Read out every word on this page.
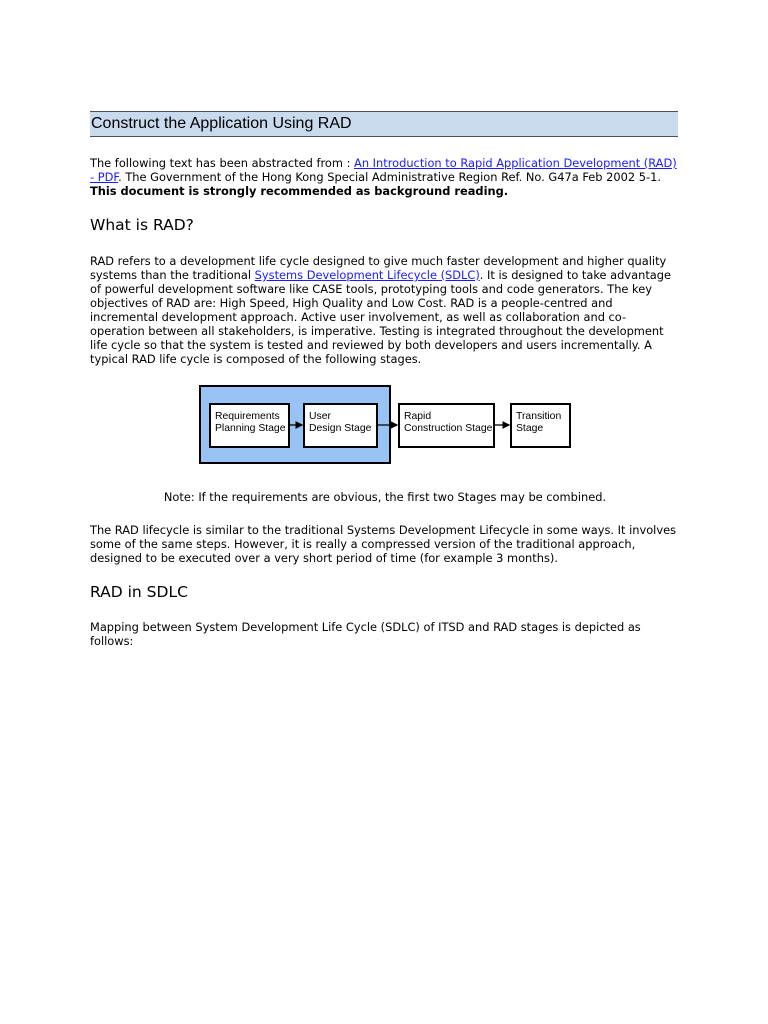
Construct the Application Using RAD

The following text has been abstracted from : An Introduction to Rapid Application Development (RAD) - PDF. The Government of the Hong Kong Special Administrative Region Ref. No. G47a Feb 2002 5-1. This document is strongly recommended as background reading.

What is RAD?

RAD refers to a development life cycle designed to give much faster development and higher quality systems than the traditional Systems Development Lifecycle (SDLC). It is designed to take advantage of powerful development software like CASE tools, prototyping tools and code generators. The key objectives of RAD are: High Speed, High Quality and Low Cost. RAD is a people-centred and incremental development approach. Active user involvement, as well as collaboration and co-operation between all stakeholders, is imperative. Testing is integrated throughout the development life cycle so that the system is tested and reviewed by both developers and users incrementally. A typical RAD life cycle is composed of the following stages.

Requirements
Planning Stage
User
Design Stage
Rapid
Construction Stage
Transition
Stage

Note: If the requirements are obvious, the first two Stages may be combined.

The RAD lifecycle is similar to the traditional Systems Development Lifecycle in some ways. It involves some of the same steps. However, it is really a compressed version of the traditional approach, designed to be executed over a very short period of time (for example 3 months).

RAD in SDLC

Mapping between System Development Life Cycle (SDLC) of ITSD and RAD stages is depicted as follows:
